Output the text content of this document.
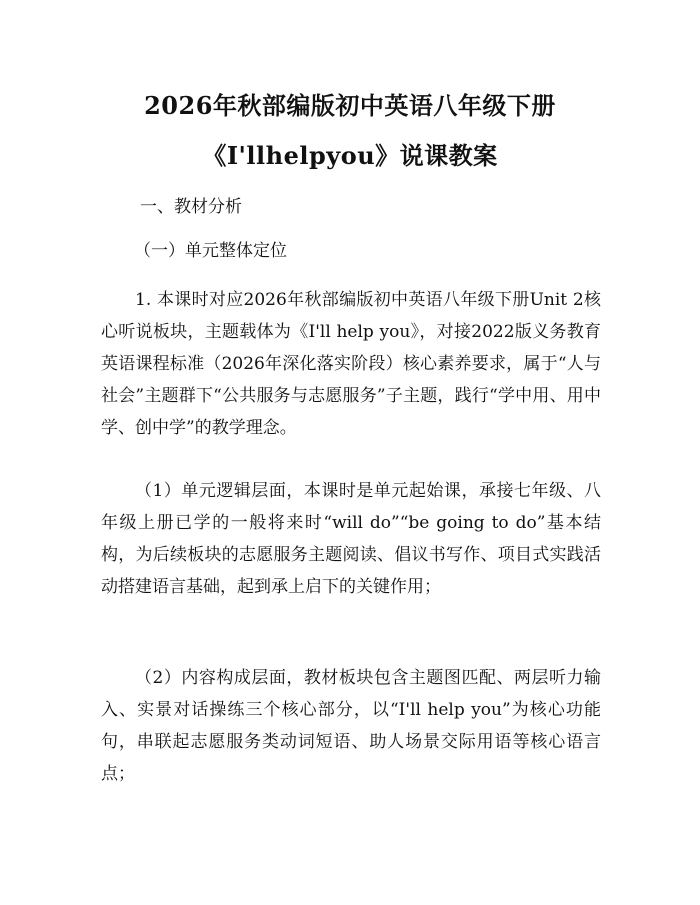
2026年秋部编版初中英语八年级下册
《I'llhelpyou》说课教案
一、教材分析
（一）单元整体定位

1. 本课时对应2026年秋部编版初中英语八年级下册Unit 2核心听说板块，主题载体为《I'll help you》，对接2022版义务教育英语课程标准（2026年深化落实阶段）核心素养要求，属于“人与社会”主题群下“公共服务与志愿服务”子主题，践行“学中用、用中学、创中学”的教学理念。

（1）单元逻辑层面，本课时是单元起始课，承接七年级、八年级上册已学的一般将来时“will do”“be going to do”基本结构，为后续板块的志愿服务主题阅读、倡议书写作、项目式实践活动搭建语言基础，起到承上启下的关键作用；

（2）内容构成层面，教材板块包含主题图匹配、两层听力输入、实景对话操练三个核心部分，以“I'll help you”为核心功能句，串联起志愿服务类动词短语、助人场景交际用语等核心语言点；
